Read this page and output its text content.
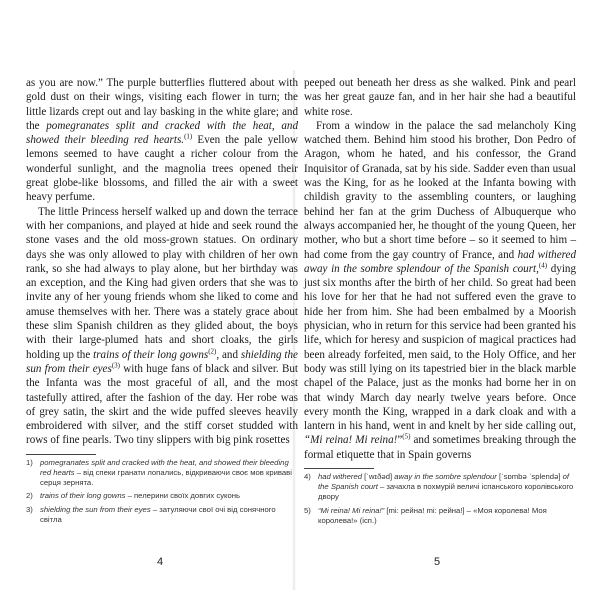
as you are now.” The purple butterflies fluttered about with gold dust on their wings, visiting each flower in turn; the little lizards crept out and lay basking in the white glare; and the pomegranates split and cracked with the heat, and showed their bleeding red hearts.$^{(1)}$ Even the pale yellow lemons seemed to have caught a richer colour from the wonderful sunlight, and the magnolia trees opened their great globe-like blossoms, and filled the air with a sweet heavy perfume.

The little Princess herself walked up and down the terrace with her companions, and played at hide and seek round the stone vases and the old moss-grown statues. On ordinary days she was only allowed to play with children of her own rank, so she had always to play alone, but her birthday was an exception, and the King had given orders that she was to invite any of her young friends whom she liked to come and amuse themselves with her. There was a stately grace about these slim Spanish children as they glided about, the boys with their large-plumed hats and short cloaks, the girls holding up the trains of their long gowns$^{(2)}$, and shielding the sun from their eyes$^{(3)}$ with huge fans of black and silver. But the Infanta was the most graceful of all, and the most tastefully attired, after the fashion of the day. Her robe was of grey satin, the skirt and the wide puffed sleeves heavily embroidered with silver, and the stiff corset studded with rows of fine pearls. Two tiny slippers with big pink rosettes

1) pomegranates split and cracked with the heat, and showed their bleeding red hearts – від спеки гранати лопались, відкриваючи своє мов криваві серця зернята.
2) trains of their long gowns – пелерини своїх довгих суконь
3) shielding the sun from their eyes – затуляючи свої очі від сонячного світла

peeped out beneath her dress as she walked. Pink and pearl was her great gauze fan, and in her hair she had a beautiful white rose.

From a window in the palace the sad melancholy King watched them. Behind him stood his brother, Don Pedro of Aragon, whom he hated, and his confessor, the Grand Inquisitor of Granada, sat by his side. Sadder even than usual was the King, for as he looked at the Infanta bowing with childish gravity to the assembling counters, or laughing behind her fan at the grim Duchess of Albuquerque who always accompanied her, he thought of the young Queen, her mother, who but a short time before – so it seemed to him – had come from the gay country of France, and had withered away in the sombre splendour of the Spanish court,$^{(4)}$ dying just six months after the birth of her child. So great had been his love for her that he had not suffered even the grave to hide her from him. She had been embalmed by a Moorish physician, who in return for this service had been granted his life, which for heresy and suspicion of magical practices had been already forfeited, men said, to the Holy Office, and her body was still lying on its tapestried bier in the black marble chapel of the Palace, just as the monks had borne her in on that windy March day nearly twelve years before. Once every month the King, wrapped in a dark cloak and with a lantern in his hand, went in and knelt by her side calling out, “Mi reina! Mi reina!”$^{(5)}$ and sometimes breaking through the formal etiquette that in Spain governs

4) had withered [ˈwɪðəd] away in the sombre splendour [ˈsɒmbə ˈsplendə] of the Spanish court – зачахла в похмурій величі іспанського королівського двору
5) “Mi reina! Mi reina!” [mi: рейна! mi: рейна!] – «Моя королева! Моя королева!» (ісп.)
4	5
